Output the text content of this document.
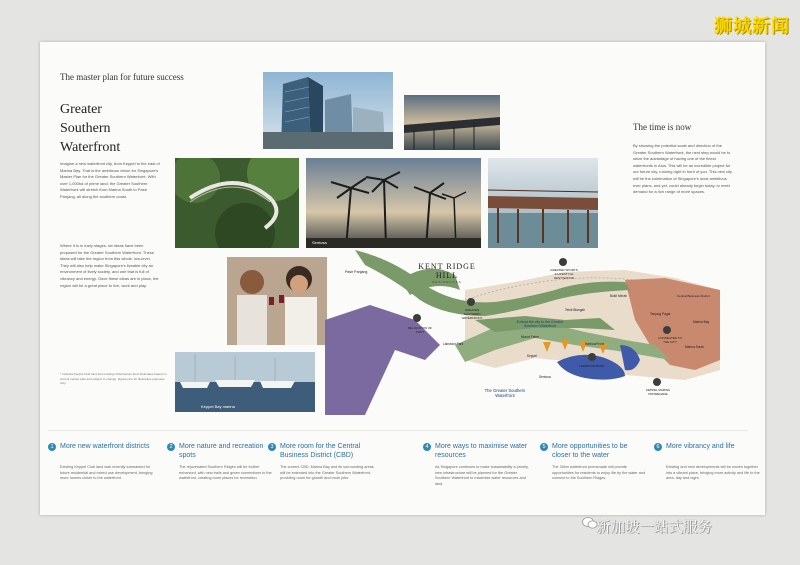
狮城新闻
The master plan for future success
Greater
Southern
Waterfront
Imagine a new waterfront city, from Keppel to the east of Marina Bay. That is the ambitious vision for Singapore's Master Plan for the Greater Southern Waterfront. With over 1,000ha of prime land, the Greater Southern Waterfront will stretch from Marina South to Pasir Panjang, all along the southern coast.
Where it is in early stages, six ideas have been proposed for the Greater Southern Waterfront. These ideas will take the region from this whole, low-level. They will also help make Singapore's liveable city an environment of lively society, and one that is full of vibrancy and energy. Once these ideas are in place, the region will be a great place to live, work and play.
* Includes Keppel Club land and existing infrastructure land. Estimates based on current master plan and subject to change. Figures are for illustrative purposes only.
The time is now
By showing the potential scale and direction of the Greater Southern Waterfront, the next step would be to seize the advantage of having one of the finest waterfronts in Asia. This will be an incredible project for our future city, running right in front of you. This new city will be the culmination of Singapore's most ambitious ever plans, and yet, could already begin today, to meet demand for a rich range of more spaces.
Sentosa
Keppel Bay marina
KENT RIDGE HILL
RESIDENCES
Pasir Panjang
Extend the city to the Greater Southern Waterfront
The Greater Southern Waterfront
Keppel
Sentosa
Marina South
Tanjong Pagar
HarbourFront
Mount Faber
Labrador Park
Telok Blangah
Bukit Merah
Marina Bay
Central Business District
RELOCATION OF PORT
GREATER SOUTHERN WATERFRONT
GREATER SPORTS & LIFESTYLE DESTINATION
HARBOURFRONT
KEPPEL MARINA PROMENADE
CONNECTED TO THE CITY
1 More new waterfront districts
Existing Keppel Club land was recently earmarked for future residential and mixed-use development, bringing more homes closer to the waterfront.
2 More nature and recreation spots
The rejuvenated Southern Ridges will be further enhanced, with new trails and green connections to the waterfront, creating more places for recreation.
3 More room for the Central Business District (CBD)
The current CBD, Marina Bay and its surrounding areas will be extended into the Greater Southern Waterfront, providing room for growth and more jobs.
4 More ways to maximise water resources
As Singapore continues to make sustainability a priority, new infrastructure will be planned for the Greater Southern Waterfront to maximise water resources and land.
5 More opportunities to be closer to the water
The 30km waterfront promenade will provide opportunities for residents to enjoy life by the water and connect to the Southern Ridges.
6 More vibrancy and life
Existing and new developments will be woven together into a vibrant place, bringing more activity and life to the area, day and night.
新加坡一站式服务
